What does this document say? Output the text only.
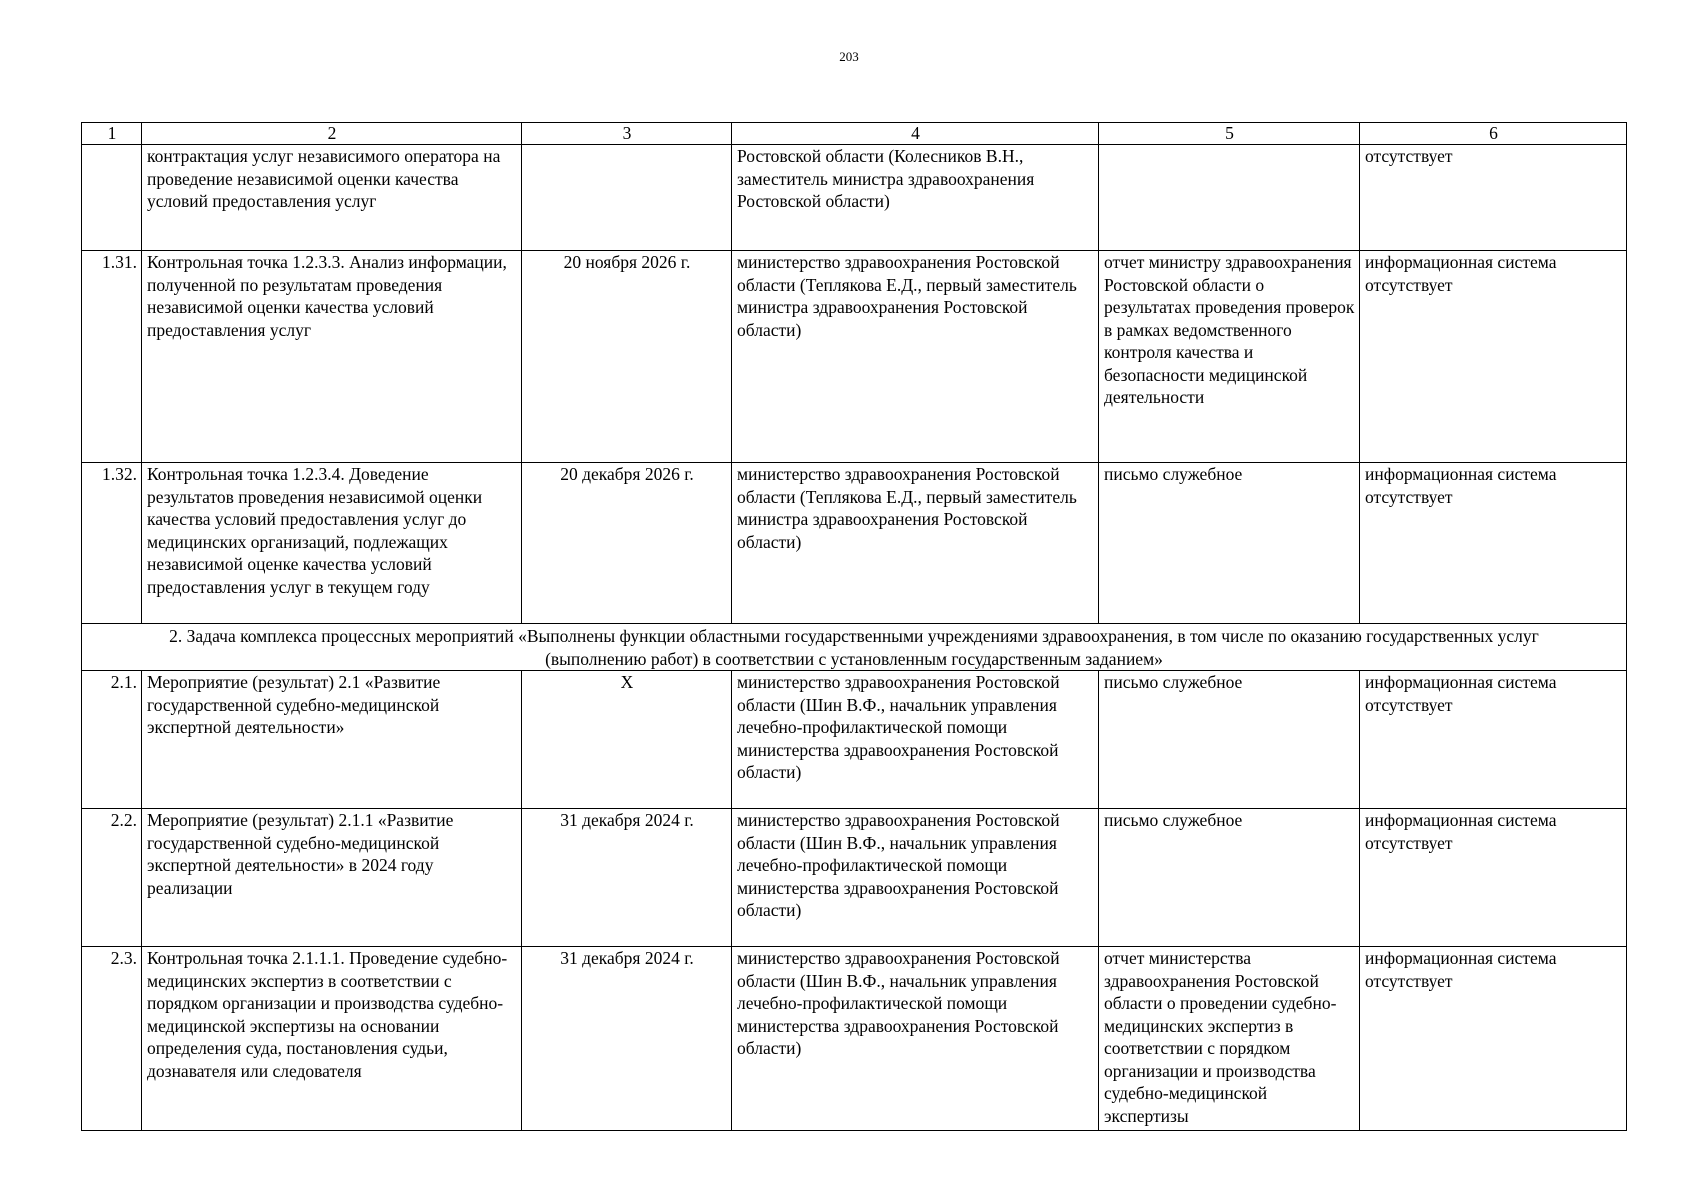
203
1	2	3	4	5	6
	контрактация услуг независимого оператора на проведение независимой оценки качества условий предоставления услуг		Ростовской области (Колесников В.Н., заместитель министра здравоохранения Ростовской области)		отсутствует
1.31.	Контрольная точка 1.2.3.3. Анализ информации, полученной по результатам проведения независимой оценки качества условий предоставления услуг	20 ноября 2026 г.	министерство здравоохранения Ростовской области (Теплякова Е.Д., первый заместитель министра здравоохранения Ростовской области)	отчет министру здравоохранения Ростовской области о результатах проведения проверок в рамках ведомственного контроля качества и безопасности медицинской деятельности	информационная система отсутствует
1.32.	Контрольная точка 1.2.3.4. Доведение результатов проведения независимой оценки качества условий предоставления услуг до медицинских организаций, подлежащих независимой оценке качества условий предоставления услуг в текущем году	20 декабря 2026 г.	министерство здравоохранения Ростовской области (Теплякова Е.Д., первый заместитель министра здравоохранения Ростовской области)	письмо служебное	информационная система отсутствует
2. Задача комплекса процессных мероприятий «Выполнены функции областными государственными учреждениями здравоохранения, в том числе по оказанию государственных услуг (выполнению работ) в соответствии с установленным государственным заданием»					
2.1.	Мероприятие (результат) 2.1 «Развитие государственной судебно-медицинской экспертной деятельности»	Х	министерство здравоохранения Ростовской области (Шин В.Ф., начальник управления лечебно-профилактической помощи министерства здравоохранения Ростовской области)	письмо служебное	информационная система отсутствует
2.2.	Мероприятие (результат) 2.1.1 «Развитие государственной судебно-медицинской экспертной деятельности» в 2024 году реализации	31 декабря 2024 г.	министерство здравоохранения Ростовской области (Шин В.Ф., начальник управления лечебно-профилактической помощи министерства здравоохранения Ростовской области)	письмо служебное	информационная система отсутствует
2.3.	Контрольная точка 2.1.1.1. Проведение судебно-медицинских экспертиз в соответствии с порядком организации и производства судебно-медицинской экспертизы на основании определения суда, постановления судьи, дознавателя или следователя	31 декабря 2024 г.	министерство здравоохранения Ростовской области (Шин В.Ф., начальник управления лечебно-профилактической помощи министерства здравоохранения Ростовской области)	отчет министерства здравоохранения Ростовской области о проведении судебно-медицинских экспертиз в соответствии с порядком организации и производства судебно-медицинской экспертизы	информационная система отсутствует
